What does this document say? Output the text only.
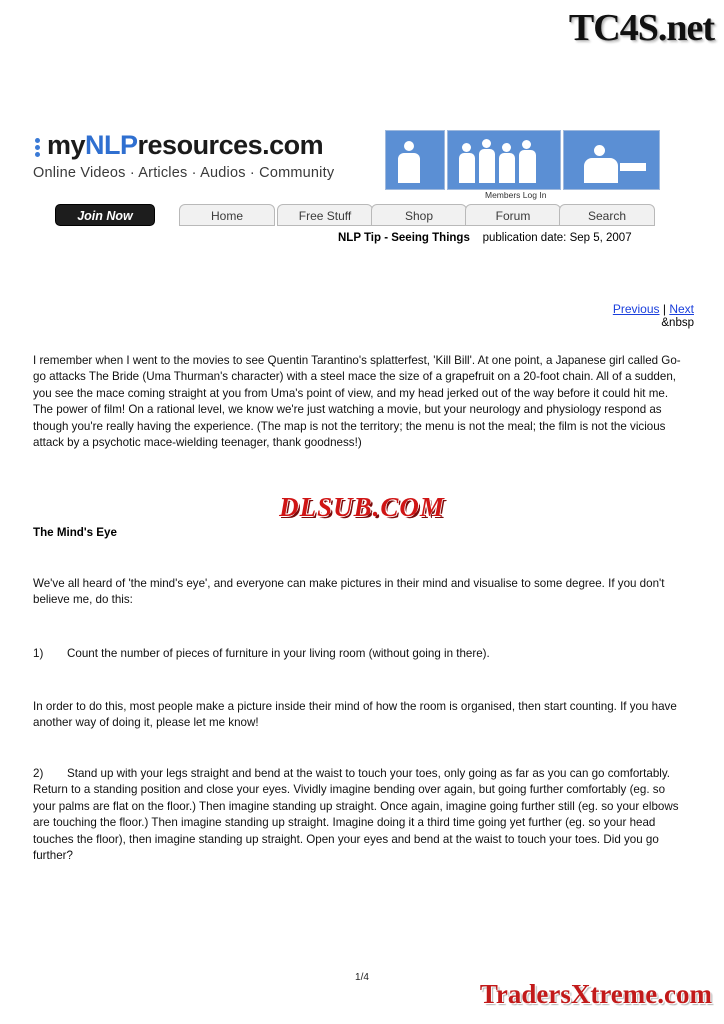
TC4S.net
myNLPresources.com
Online Videos · Articles · Audios · Community
Members Log In
Join Now	Home	Free Stuff	Shop	Forum	Search
NLP Tip - Seeing Things publication date: Sep 5, 2007
Previous | Next
&nbsp
I remember when I went to the movies to see Quentin Tarantino's splatterfest, 'Kill Bill'. At one point, a Japanese girl called Go-go attacks The Bride (Uma Thurman's character) with a steel mace the size of a grapefruit on a 20-foot chain. All of a sudden, you see the mace coming straight at you from Uma's point of view, and my head jerked out of the way before it could hit me. The power of film! On a rational level, we know we're just watching a movie, but your neurology and physiology respond as though you're really having the experience. (The map is not the territory; the menu is not the meal; the film is not the vicious attack by a psychotic mace-wielding teenager, thank goodness!)
DLSUB.COM
The Mind's Eye
We've all heard of 'the mind's eye', and everyone can make pictures in their mind and visualise to some degree. If you don't believe me, do this:
1) Count the number of pieces of furniture in your living room (without going in there).
In order to do this, most people make a picture inside their mind of how the room is organised, then start counting. If you have another way of doing it, please let me know!
2) Stand up with your legs straight and bend at the waist to touch your toes, only going as far as you can go comfortably. Return to a standing position and close your eyes. Vividly imagine bending over again, but going further comfortably (eg. so your palms are flat on the floor.) Then imagine standing up straight. Once again, imagine going further still (eg. so your elbows are touching the floor.) Then imagine standing up straight. Imagine doing it a third time going yet further (eg. so your head touches the floor), then imagine standing up straight. Open your eyes and bend at the waist to touch your toes. Did you go further?
1/4
TradersXtreme.com
